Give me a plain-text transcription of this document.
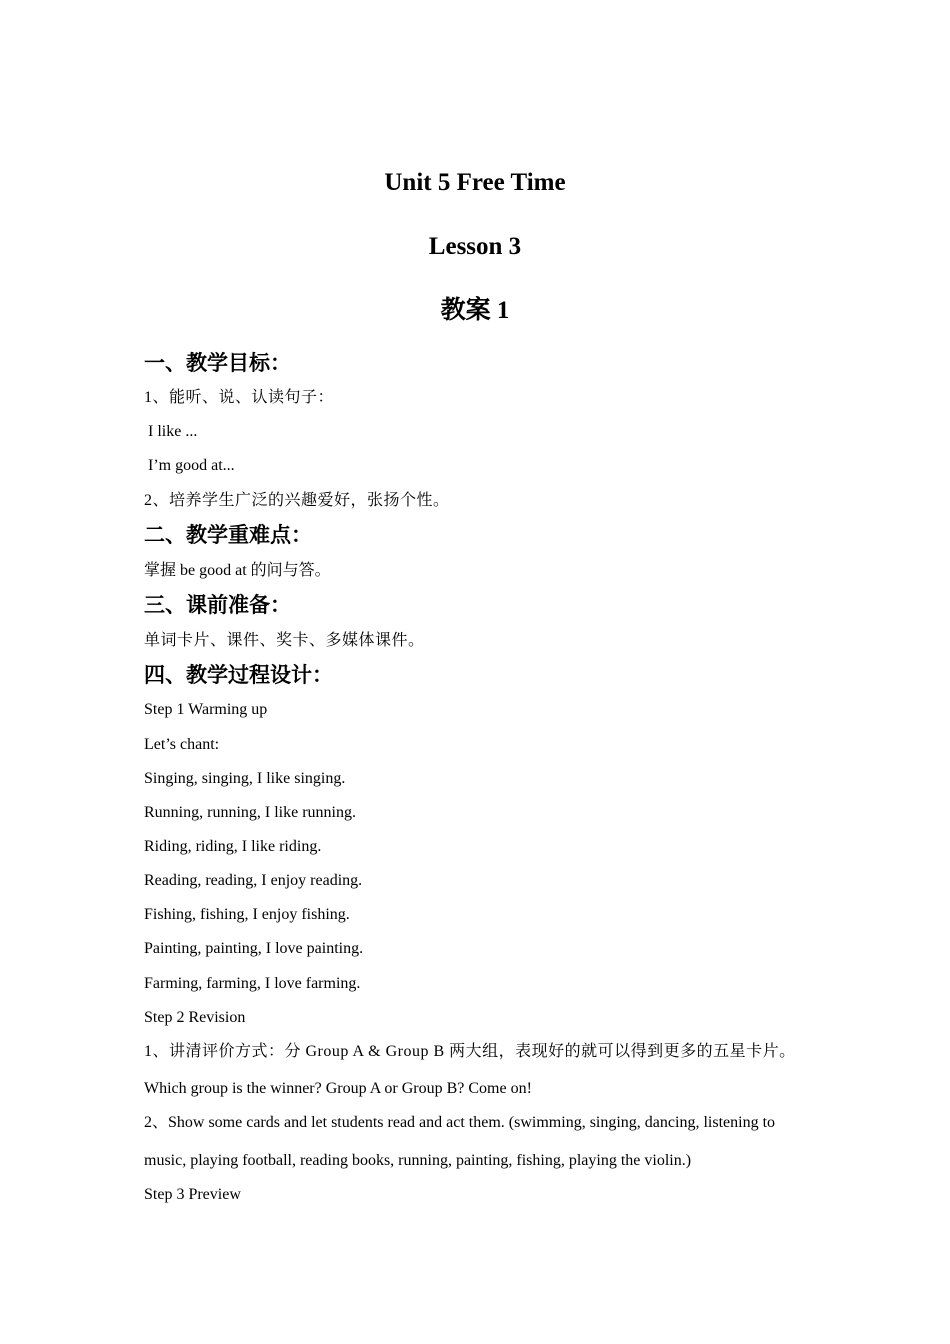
Unit 5 Free Time
Lesson 3
教案 1
一、教学目标：

1、能听、说、认读句子：

I like ...

I’m good at...

2、培养学生广泛的兴趣爱好，张扬个性。

二、教学重难点：

掌握 be good at 的问与答。

三、课前准备：

单词卡片、课件、奖卡、多媒体课件。

四、教学过程设计：

Step 1 Warming up

Let’s chant:

Singing, singing, I like singing.

Running, running, I like running.

Riding, riding, I like riding.

Reading, reading, I enjoy reading.

Fishing, fishing, I enjoy fishing.

Painting, painting, I love painting.

Farming, farming, I love farming.

Step 2 Revision

1、讲清评价方式：分 Group A & Group B 两大组，表现好的就可以得到更多的五星卡片。

Which group is the winner? Group A or Group B? Come on!

2、Show some cards and let students read and act them. (swimming, singing, dancing, listening to

music, playing football, reading books, running, painting, fishing, playing the violin.)

Step 3 Preview
